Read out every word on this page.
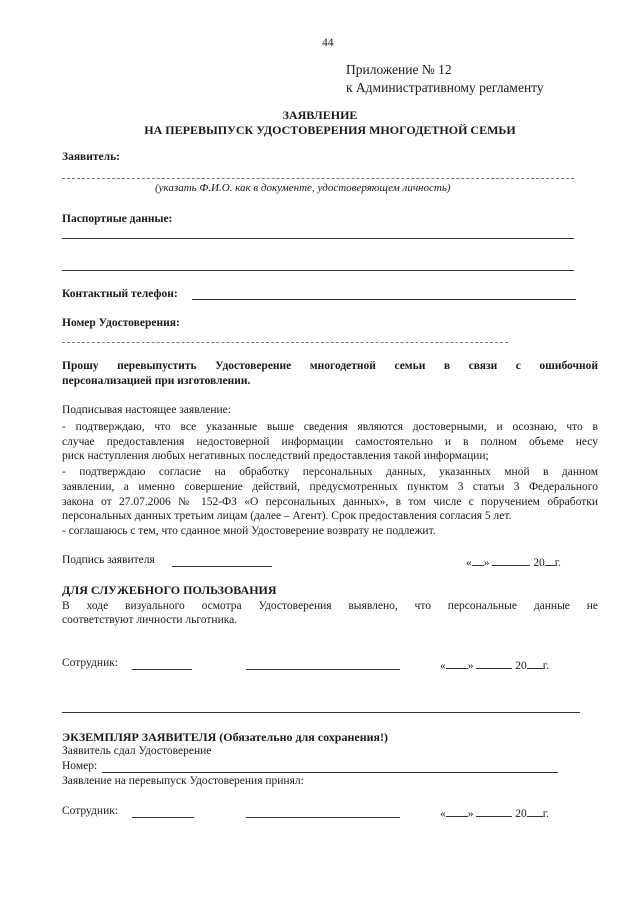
44
Приложение № 12
к Административному регламенту
ЗАЯВЛЕНИЕ
НА ПЕРЕВЫПУСК УДОСТОВЕРЕНИЯ МНОГОДЕТНОЙ СЕМЬИ
Заявитель:
(указать Ф.И.О. как в документе, удостоверяющем личность)
Паспортные данные:
Контактный телефон:
Номер Удостоверения:
Прошу перевыпустить Удостоверение многодетной семьи в связи с ошибочной
персонализацией при изготовлении.
Подписывая настоящее заявление:
- подтверждаю, что все указанные выше сведения являются достоверными, и осознаю, что в
случае предоставления недостоверной информации самостоятельно и в полном объеме несу
риск наступления любых негативных последствий предоставления такой информации;
- подтверждаю согласие на обработку персональных данных, указанных мной в данном
заявлении, а именно совершение действий, предусмотренных пунктом 3 статьи 3 Федерального
закона от 27.07.2006 № 152-ФЗ «О персональных данных», в том числе с поручением обработки
персональных данных третьим лицам (далее – Агент). Срок предоставления согласия 5 лет.
- соглашаюсь с тем, что сданное мной Удостоверение возврату не подлежит.
Подпись заявителя	« »	20 г.
ДЛЯ СЛУЖЕБНОГО ПОЛЬЗОВАНИЯ
В ходе визуального осмотра Удостоверения выявлено, что персональные данные не
соответствуют личности льготника.
Сотрудник:	« »	20 г.
ЭКЗЕМПЛЯР ЗАЯВИТЕЛЯ (Обязательно для сохранения!)
Заявитель сдал Удостоверение
Номер:
Заявление на перевыпуск Удостоверения принял:
Сотрудник:	« »	20 г.
